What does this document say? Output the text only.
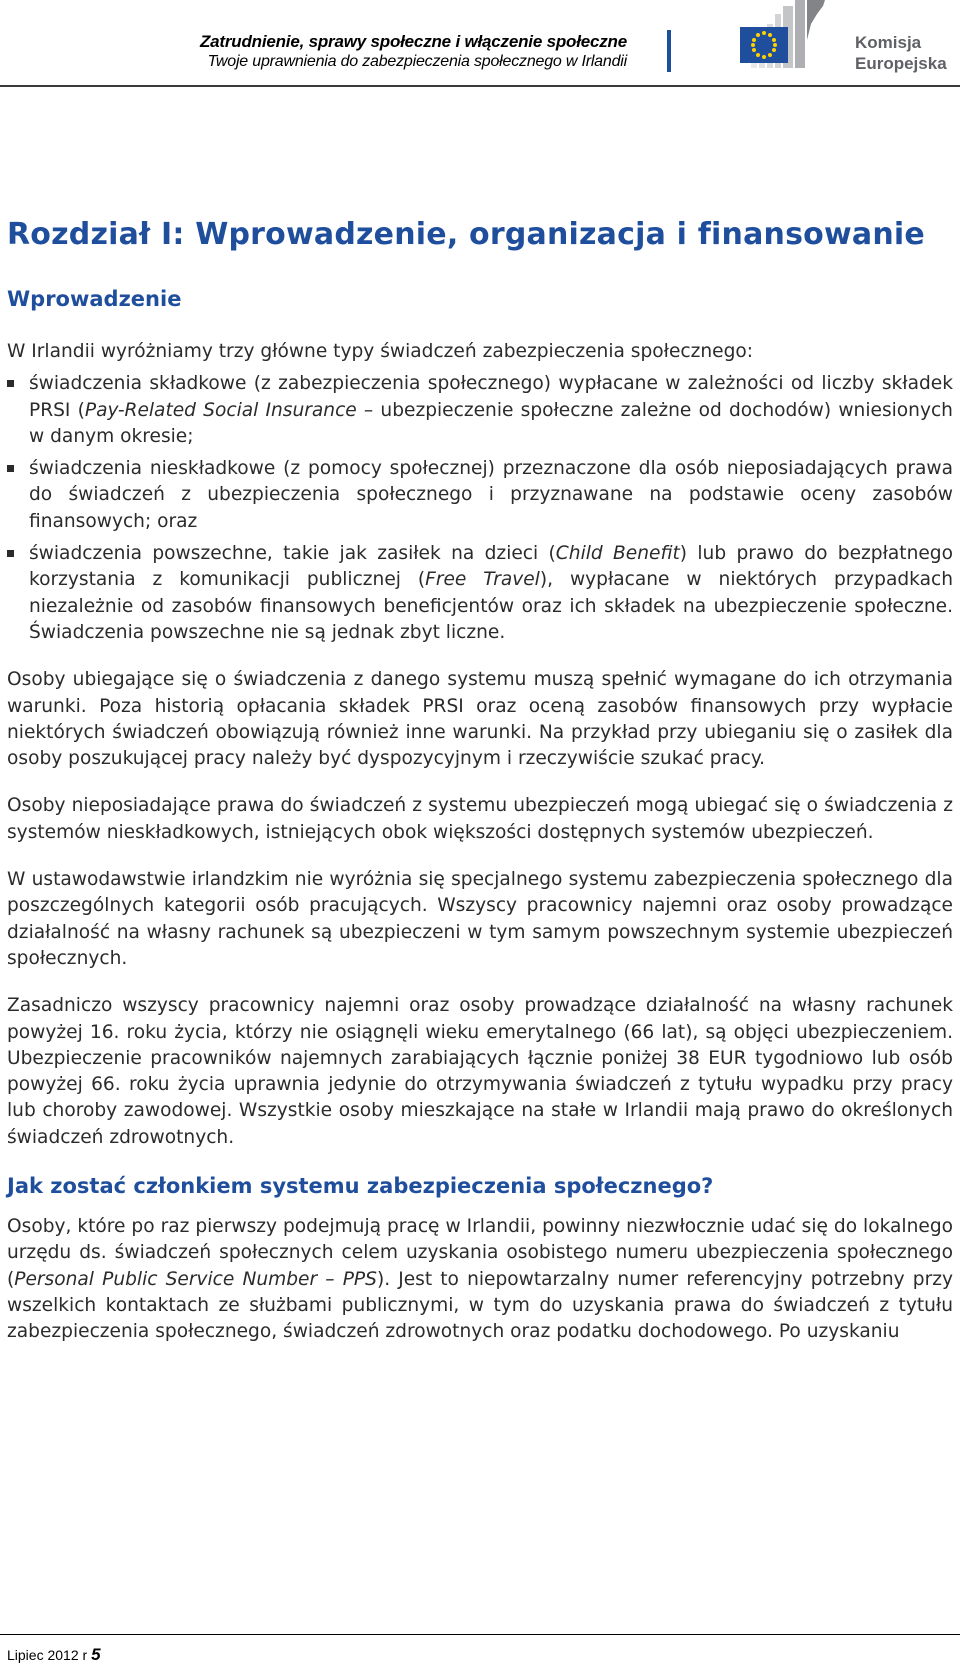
Zatrudnienie, sprawy społeczne i włączenie społeczne
Twoje uprawnienia do zabezpieczenia społecznego w Irlandii
Komisja
Europejska
Rozdział I: Wprowadzenie, organizacja i finansowanie
Wprowadzenie

W Irlandii wyróżniamy trzy główne typy świadczeń zabezpieczenia społecznego:

świadczenia składkowe (z zabezpieczenia społecznego) wypłacane w zależności od liczby składek PRSI (Pay-Related Social Insurance – ubezpieczenie społeczne zależne od dochodów) wniesionych w danym okresie;
świadczenia nieskładkowe (z pomocy społecznej) przeznaczone dla osób nieposiadających prawa do świadczeń z ubezpieczenia społecznego i przyznawane na podstawie oceny zasobów finansowych; oraz
świadczenia powszechne, takie jak zasiłek na dzieci (Child Benefit) lub prawo do bezpłatnego korzystania z komunikacji publicznej (Free Travel), wypłacane w niektórych przypadkach niezależnie od zasobów finansowych beneficjentów oraz ich składek na ubezpieczenie społeczne. Świadczenia powszechne nie są jednak zbyt liczne.

Osoby ubiegające się o świadczenia z danego systemu muszą spełnić wymagane do ich otrzymania warunki. Poza historią opłacania składek PRSI oraz oceną zasobów finansowych przy wypłacie niektórych świadczeń obowiązują również inne warunki. Na przykład przy ubieganiu się o zasiłek dla osoby poszukującej pracy należy być dyspozycyjnym i rzeczywiście szukać pracy.

Osoby nieposiadające prawa do świadczeń z systemu ubezpieczeń mogą ubiegać się o świadczenia z systemów nieskładkowych, istniejących obok większości dostępnych systemów ubezpieczeń.

W ustawodawstwie irlandzkim nie wyróżnia się specjalnego systemu zabezpieczenia społecznego dla poszczególnych kategorii osób pracujących. Wszyscy pracownicy najemni oraz osoby prowadzące działalność na własny rachunek są ubezpieczeni w tym samym powszechnym systemie ubezpieczeń społecznych.

Zasadniczo wszyscy pracownicy najemni oraz osoby prowadzące działalność na własny rachunek powyżej 16. roku życia, którzy nie osiągnęli wieku emerytalnego (66 lat), są objęci ubezpieczeniem. Ubezpieczenie pracowników najemnych zarabiających łącznie poniżej 38 EUR tygodniowo lub osób powyżej 66. roku życia uprawnia jedynie do otrzymywania świadczeń z tytułu wypadku przy pracy lub choroby zawodowej. Wszystkie osoby mieszkające na stałe w Irlandii mają prawo do określonych świadczeń zdrowotnych.

Jak zostać członkiem systemu zabezpieczenia społecznego?

Osoby, które po raz pierwszy podejmują pracę w Irlandii, powinny niezwłocznie udać się do lokalnego urzędu ds. świadczeń społecznych celem uzyskania osobistego numeru ubezpieczenia społecznego (Personal Public Service Number – PPS). Jest to niepowtarzalny numer referencyjny potrzebny przy wszelkich kontaktach ze służbami publicznymi, w tym do uzyskania prawa do świadczeń z tytułu zabezpieczenia społecznego, świadczeń zdrowotnych oraz podatku dochodowego. Po uzyskaniu

Lipiec 2012 r 5
